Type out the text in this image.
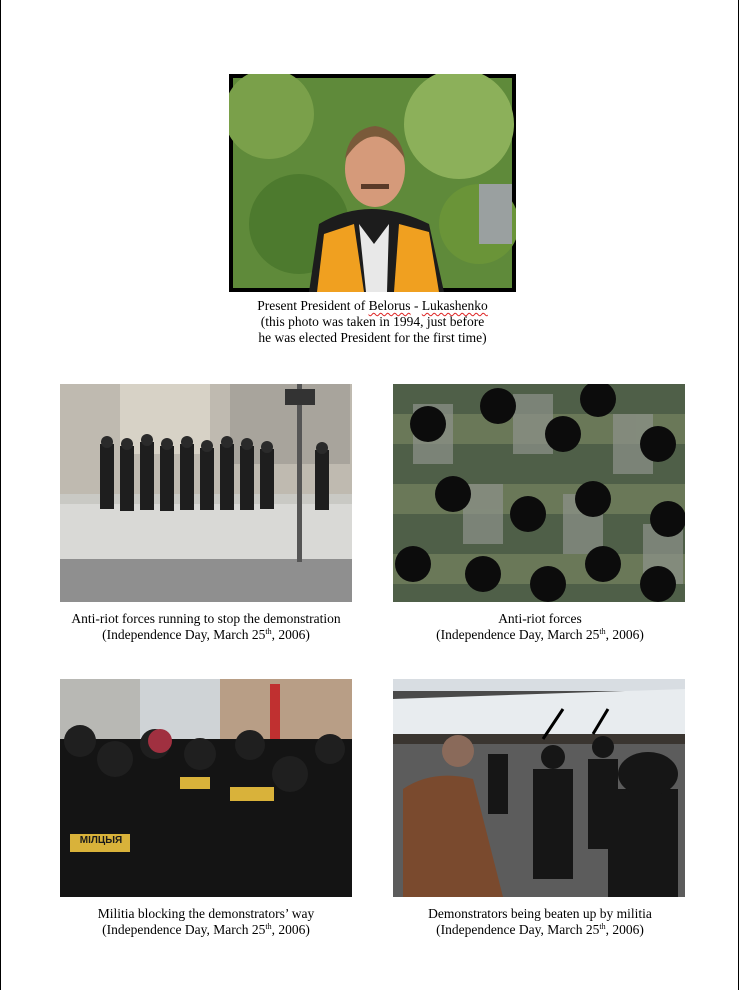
Present President of Belorus - Lukashenko
(this photo was taken in 1994, just before
he was elected President for the first time)
Anti-riot forces running to stop the demonstration
(Independence Day, March 25th, 2006)
Anti-riot forces
(Independence Day, March 25th, 2006)
МІЛЦЫЯ
Militia blocking the demonstrators’ way
(Independence Day, March 25th, 2006)
Demonstrators being beaten up by militia
(Independence Day, March 25th, 2006)
